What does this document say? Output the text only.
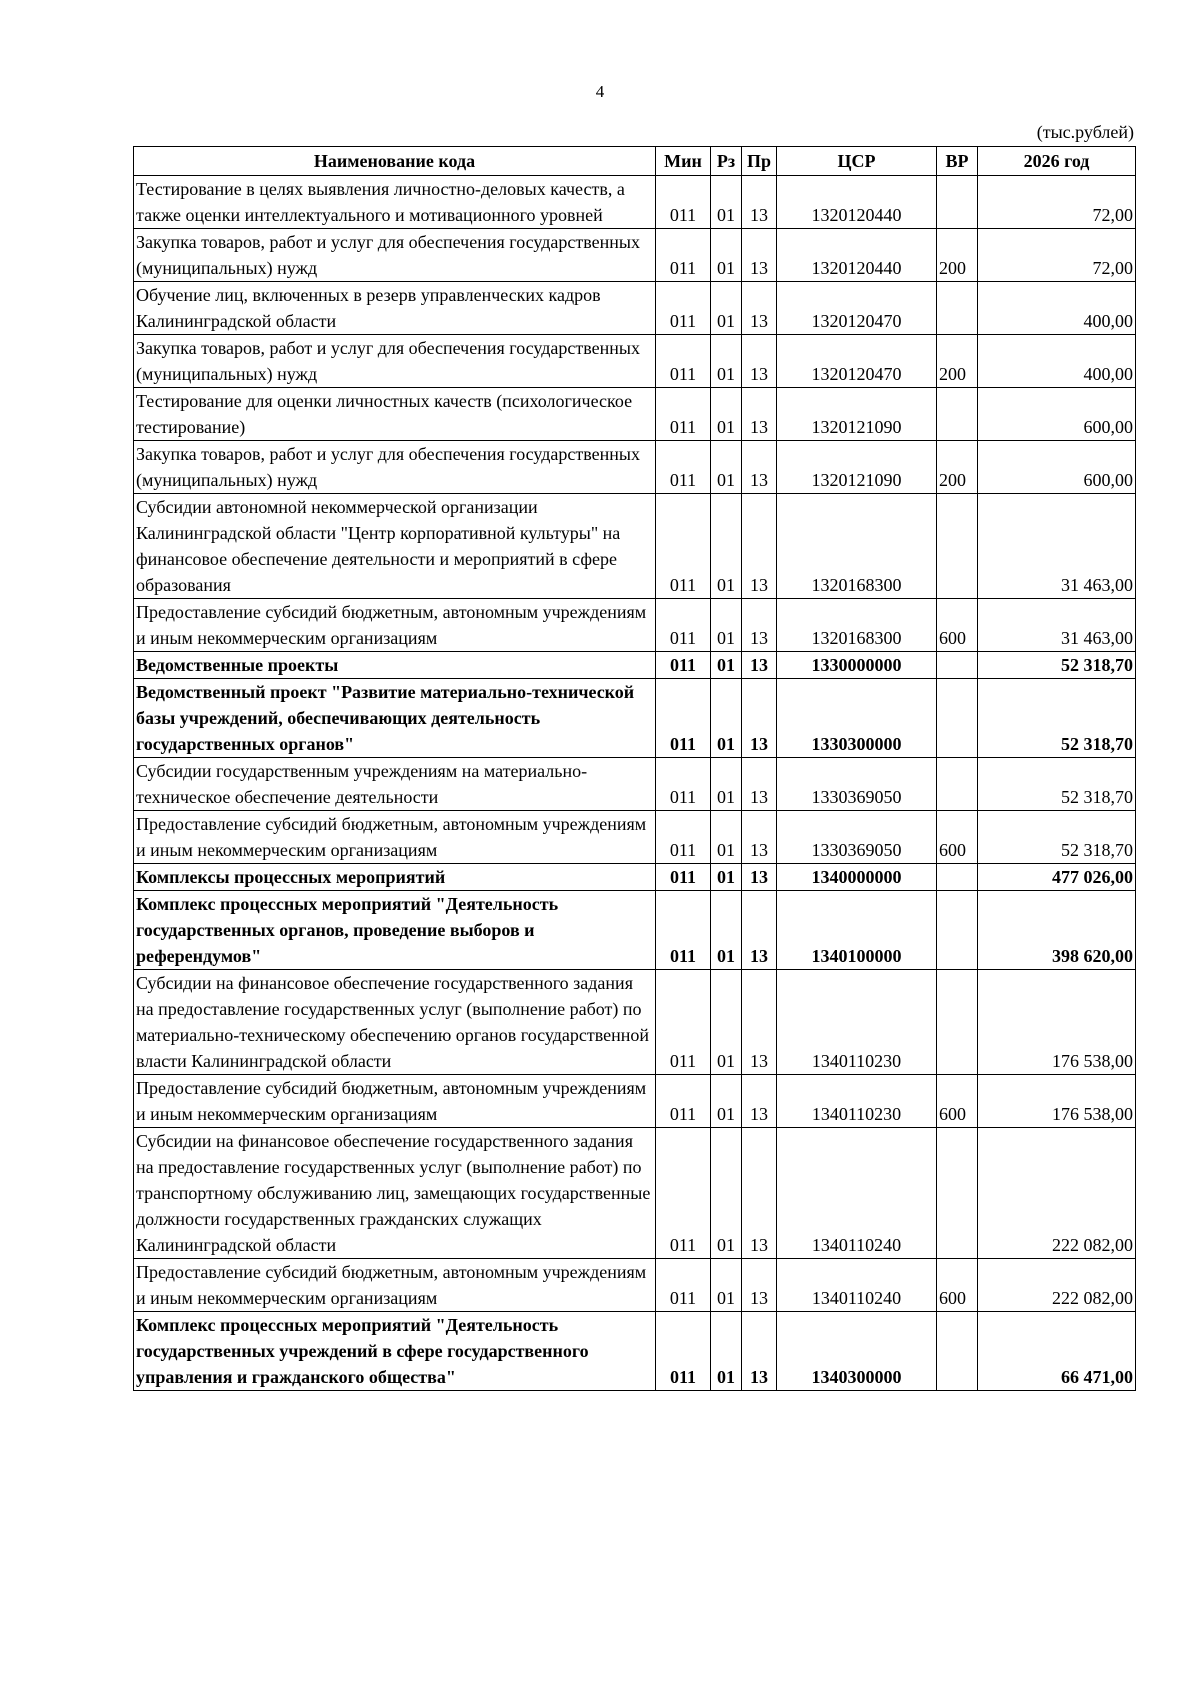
4
(тыс.рублей)
Наименование кода	Мин	Рз	Пр	ЦСР	ВР	2026 год
Тестирование в целях выявления личностно-деловых качеств, а также оценки интеллектуального и мотивационного уровней	011	01	13	1320120440		72,00
Закупка товаров, работ и услуг для обеспечения государственных (муниципальных) нужд	011	01	13	1320120440	200	72,00
Обучение лиц, включенных в резерв управленческих кадров Калининградской области	011	01	13	1320120470		400,00
Закупка товаров, работ и услуг для обеспечения государственных (муниципальных) нужд	011	01	13	1320120470	200	400,00
Тестирование для оценки личностных качеств (психологическое тестирование)	011	01	13	1320121090		600,00
Закупка товаров, работ и услуг для обеспечения государственных (муниципальных) нужд	011	01	13	1320121090	200	600,00
Субсидии автономной некоммерческой организации Калининградской области "Центр корпоративной культуры" на финансовое обеспечение деятельности и мероприятий в сфере образования	011	01	13	1320168300		31 463,00
Предоставление субсидий бюджетным, автономным учреждениям и иным некоммерческим организациям	011	01	13	1320168300	600	31 463,00
Ведомственные проекты	011	01	13	1330000000		52 318,70
Ведомственный проект "Развитие материально-технической базы учреждений, обеспечивающих деятельность государственных органов"	011	01	13	1330300000		52 318,70
Субсидии государственным учреждениям на материально-техническое обеспечение деятельности	011	01	13	1330369050		52 318,70
Предоставление субсидий бюджетным, автономным учреждениям и иным некоммерческим организациям	011	01	13	1330369050	600	52 318,70
Комплексы процессных мероприятий	011	01	13	1340000000		477 026,00
Комплекс процессных мероприятий "Деятельность государственных органов, проведение выборов и референдумов"	011	01	13	1340100000		398 620,00
Субсидии на финансовое обеспечение государственного задания на предоставление государственных услуг (выполнение работ) по материально-техническому обеспечению органов государственной власти Калининградской области	011	01	13	1340110230		176 538,00
Предоставление субсидий бюджетным, автономным учреждениям и иным некоммерческим организациям	011	01	13	1340110230	600	176 538,00
Субсидии на финансовое обеспечение государственного задания на предоставление государственных услуг (выполнение работ) по транспортному обслуживанию лиц, замещающих государственные должности государственных гражданских служащих Калининградской области	011	01	13	1340110240		222 082,00
Предоставление субсидий бюджетным, автономным учреждениям и иным некоммерческим организациям	011	01	13	1340110240	600	222 082,00
Комплекс процессных мероприятий "Деятельность государственных учреждений в сфере государственного управления и гражданского общества"	011	01	13	1340300000		66 471,00
